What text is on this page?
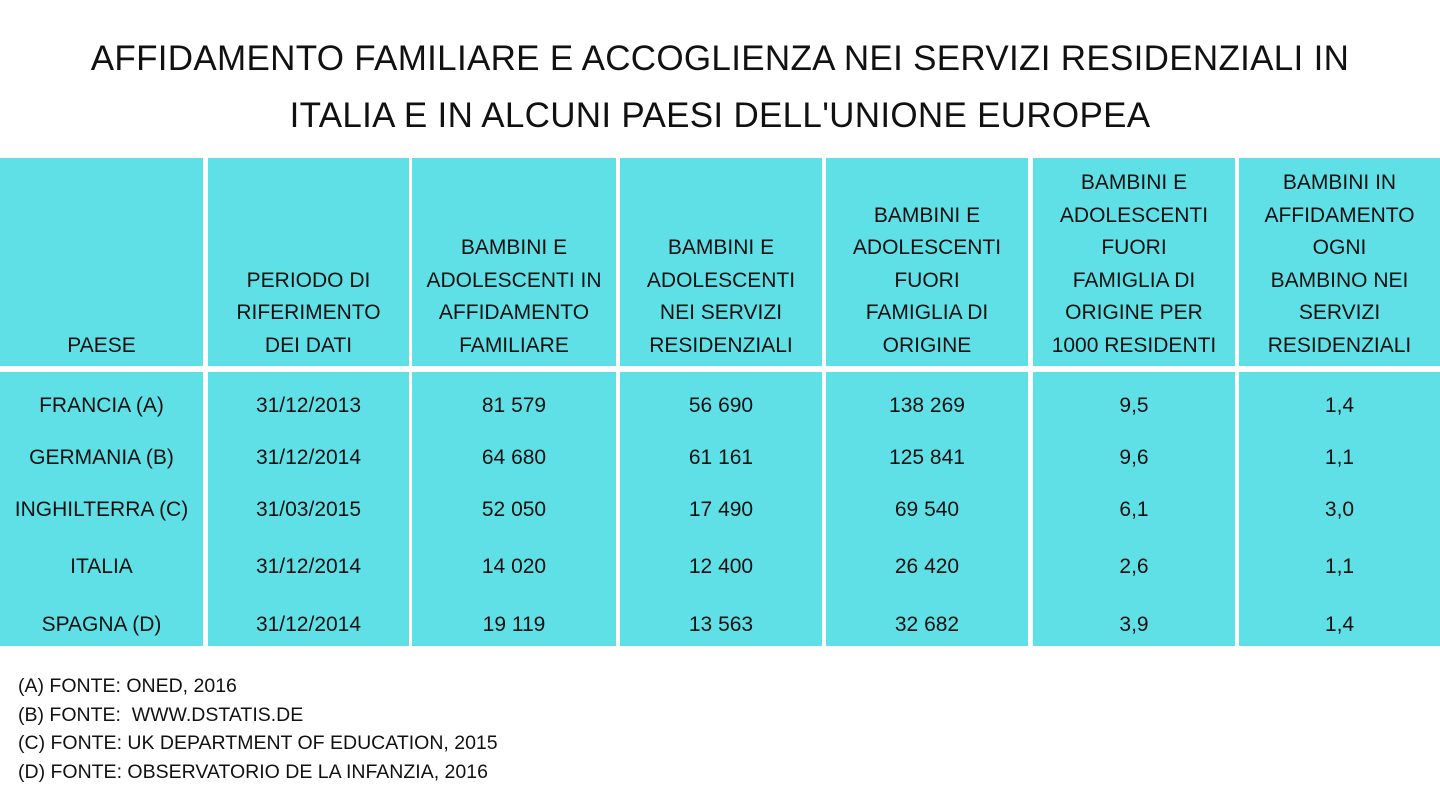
AFFIDAMENTO FAMILIARE E ACCOGLIENZA NEI SERVIZI RESIDENZIALI IN
ITALIA E IN ALCUNI PAESI DELL'UNIONE EUROPEA
PAESE
FRANCIA (A)
GERMANIA (B)
INGHILTERRA (C)
ITALIA
SPAGNA (D)
PERIODO DI
RIFERIMENTO
DEI DATI
31/12/2013
31/12/2014
31/03/2015
31/12/2014
31/12/2014
BAMBINI E
ADOLESCENTI IN
AFFIDAMENTO
FAMILIARE
81 579
64 680
52 050
14 020
19 119
BAMBINI E
ADOLESCENTI
NEI SERVIZI
RESIDENZIALI
56 690
61 161
17 490
12 400
13 563
BAMBINI E
ADOLESCENTI
FUORI
FAMIGLIA DI
ORIGINE
138 269
125 841
69 540
26 420
32 682
BAMBINI E
ADOLESCENTI
FUORI
FAMIGLIA DI
ORIGINE PER
1000 RESIDENTI
9,5
9,6
6,1
2,6
3,9
BAMBINI IN
AFFIDAMENTO
OGNI
BAMBINO NEI
SERVIZI
RESIDENZIALI
1,4
1,1
3,0
1,1
1,4
(A) FONTE: ONED, 2016
(B) FONTE:  WWW.DSTATIS.DE
(C) FONTE: UK DEPARTMENT OF EDUCATION, 2015
(D) FONTE: OBSERVATORIO DE LA INFANZIA, 2016
